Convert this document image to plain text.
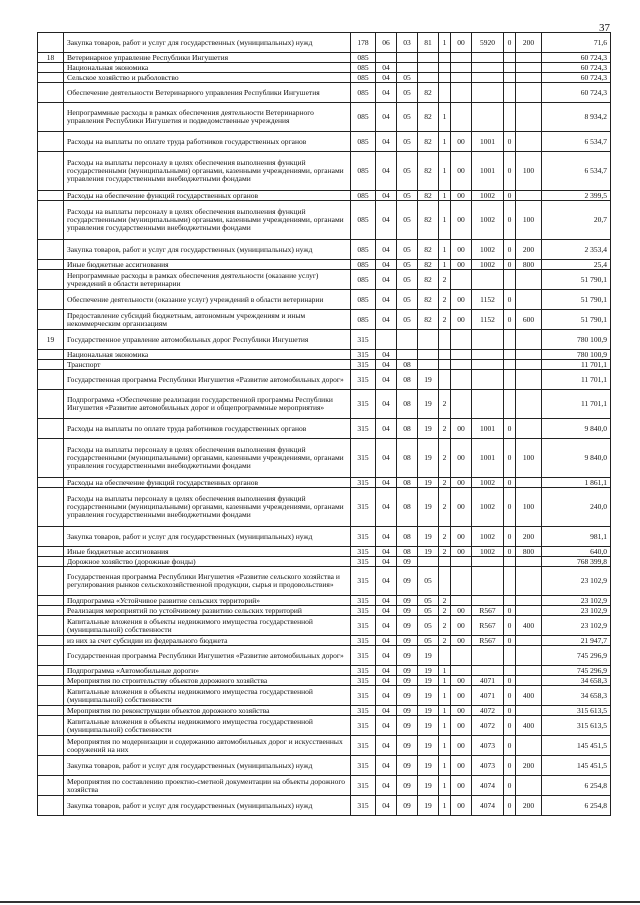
37
	Закупка товаров, работ и услуг для государственных (муниципальных) нужд	178	06	03	81	1	00	5920	0	200	71,6
18	Ветеринарное управление Республики Ингушетия	085									60 724,3
	Национальная экономика	085	04								60 724,3
	Сельское хозяйство и рыболовство	085	04	05							60 724,3
	Обеспечение деятельности Ветеринарного управления Республики Ингушетия	085	04	05	82						60 724,3
	Непрограммные расходы в рамках обеспечения деятельности Ветеринарного управления Республики Ингушетия и подведомственные учреждения	085	04	05	82	1					8 934,2
	Расходы на выплаты по оплате труда работников государственных органов	085	04	05	82	1	00	1001	0		6 534,7
	Расходы на выплаты персоналу в целях обеспечения выполнения функций государственными (муниципальными) органами, казенными учреждениями, органами управления государственными внебюджетными фондами	085	04	05	82	1	00	1001	0	100	6 534,7
	Расходы на обеспечение функций государственных органов	085	04	05	82	1	00	1002	0		2 399,5
	Расходы на выплаты персоналу в целях обеспечения выполнения функций государственными (муниципальными) органами, казенными учреждениями, органами управления государственными внебюджетными фондами	085	04	05	82	1	00	1002	0	100	20,7
	Закупка товаров, работ и услуг для государственных (муниципальных) нужд	085	04	05	82	1	00	1002	0	200	2 353,4
	Иные бюджетные ассигнования	085	04	05	82	1	00	1002	0	800	25,4
	Непрограммные расходы в рамках обеспечения деятельности (оказание услуг) учреждений в области ветеринарии	085	04	05	82	2					51 790,1
	Обеспечение деятельности (оказание услуг) учреждений в области ветеринарии	085	04	05	82	2	00	1152	0		51 790,1
	Предоставление субсидий бюджетным, автономным учреждениям и иным некоммерческим организациям	085	04	05	82	2	00	1152	0	600	51 790,1
19	Государственное управление автомобильных дорог Республики Ингушетия	315									780 100,9
	Национальная экономика	315	04								780 100,9
	Транспорт	315	04	08							11 701,1
	Государственная программа Республики Ингушетия «Развитие автомобильных дорог»	315	04	08	19						11 701,1
	Подпрограмма «Обеспечение реализации государственной программы Республики Ингушетия «Развитие автомобильных дорог и общепрограммные мероприятия»	315	04	08	19	2					11 701,1
	Расходы на выплаты по оплате труда работников государственных органов	315	04	08	19	2	00	1001	0		9 840,0
	Расходы на выплаты персоналу в целях обеспечения выполнения функций государственными (муниципальными) органами, казенными учреждениями, органами управления государственными внебюджетными фондами	315	04	08	19	2	00	1001	0	100	9 840,0
	Расходы на обеспечение функций государственных органов	315	04	08	19	2	00	1002	0		1 861,1
	Расходы на выплаты персоналу в целях обеспечения выполнения функций государственными (муниципальными) органами, казенными учреждениями, органами управления государственными внебюджетными фондами	315	04	08	19	2	00	1002	0	100	240,0
	Закупка товаров, работ и услуг для государственных (муниципальных) нужд	315	04	08	19	2	00	1002	0	200	981,1
	Иные бюджетные ассигнования	315	04	08	19	2	00	1002	0	800	640,0
	Дорожное хозяйство (дорожные фонды)	315	04	09							768 399,8
	Государственная программа Республики Ингушетия «Развитие сельского хозяйства и регулирования рынков сельскохозяйственной продукции, сырья и продовольствия»	315	04	09	05						23 102,9
	Подпрограмма «Устойчивое развитие сельских территорий»	315	04	09	05	2					23 102,9
	Реализация мероприятий по устойчивому развитию сельских территорий	315	04	09	05	2	00	R567	0		23 102,9
	Капитальные вложения в объекты недвижимого имущества государственной (муниципальной) собственности	315	04	09	05	2	00	R567	0	400	23 102,9
	из них за счет субсидии из федерального бюджета	315	04	09	05	2	00	R567	0		21 947,7
	Государственная программа Республики Ингушетия «Развитие автомобильных дорог»	315	04	09	19						745 296,9
	Подпрограмма «Автомобильные дороги»	315	04	09	19	1					745 296,9
	Мероприятия по строительству объектов дорожного хозяйства	315	04	09	19	1	00	4071	0		34 658,3
	Капитальные вложения в объекты недвижимого имущества государственной (муниципальной) собственности	315	04	09	19	1	00	4071	0	400	34 658,3
	Мероприятия по реконструкции объектов дорожного хозяйства	315	04	09	19	1	00	4072	0		315 613,5
	Капитальные вложения в объекты недвижимого имущества государственной (муниципальной) собственности	315	04	09	19	1	00	4072	0	400	315 613,5
	Мероприятия по модернизации и содержанию автомобильных дорог и искусственных сооружений на них	315	04	09	19	1	00	4073	0		145 451,5
	Закупка товаров, работ и услуг для государственных (муниципальных) нужд	315	04	09	19	1	00	4073	0	200	145 451,5
	Мероприятия по составлению проектно-сметной документации на объекты дорожного хозяйства	315	04	09	19	1	00	4074	0		6 254,8
	Закупка товаров, работ и услуг для государственных (муниципальных) нужд	315	04	09	19	1	00	4074	0	200	6 254,8
